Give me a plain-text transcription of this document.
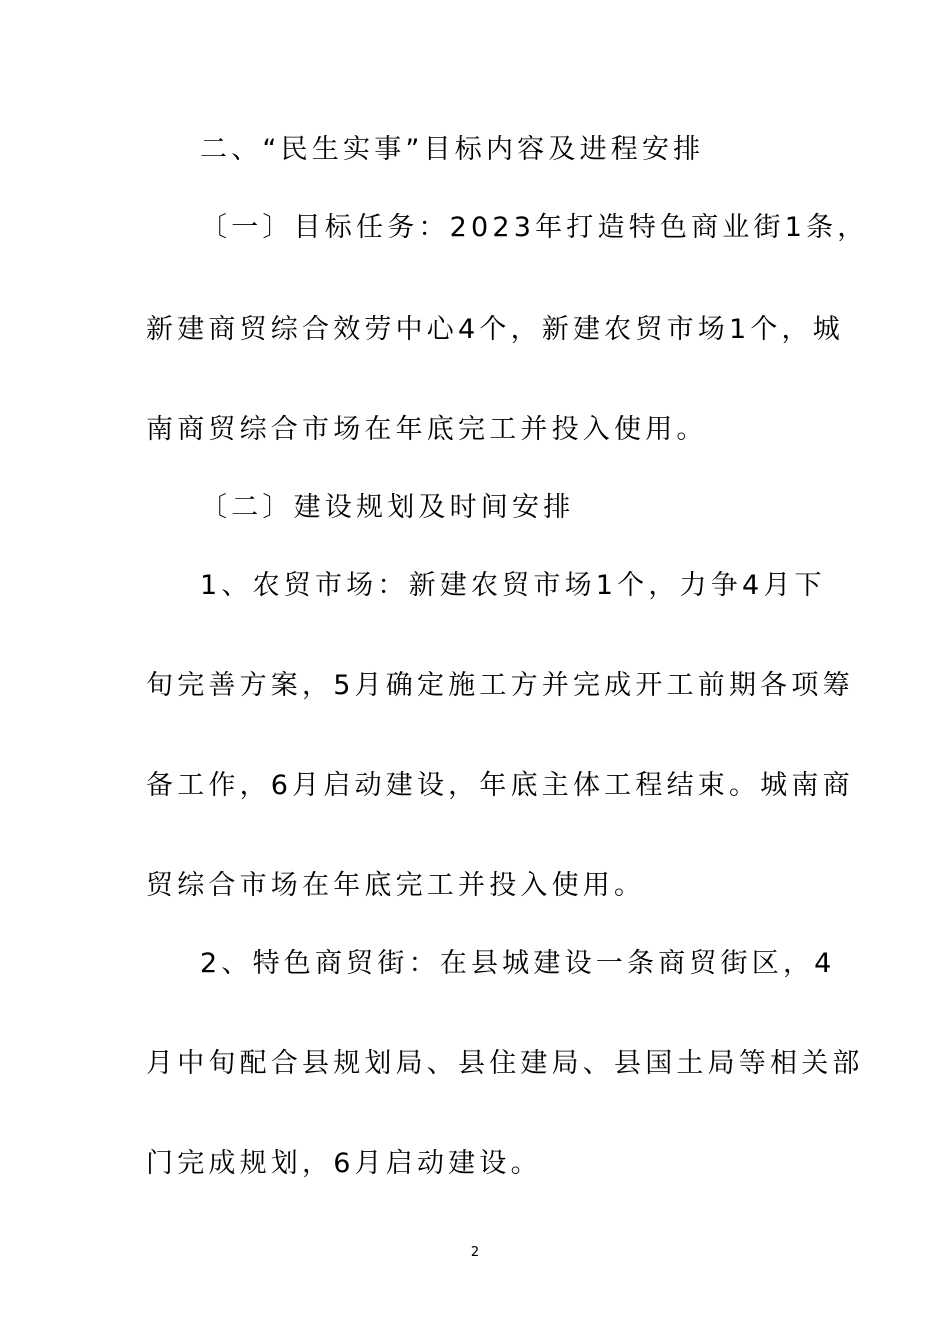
二、“民生实事”目标内容及进程安排
〔一〕目标任务：2023年打造特色商业街1条，
新建商贸综合效劳中心4个，新建农贸市场1个，城
南商贸综合市场在年底完工并投入使用。
〔二〕建设规划及时间安排
1、农贸市场：新建农贸市场1个，力争4月下
旬完善方案，5月确定施工方并完成开工前期各项筹
备工作，6月启动建设，年底主体工程结束。城南商
贸综合市场在年底完工并投入使用。
2、特色商贸街：在县城建设一条商贸街区，4
月中旬配合县规划局、县住建局、县国土局等相关部
门完成规划，6月启动建设。
2
